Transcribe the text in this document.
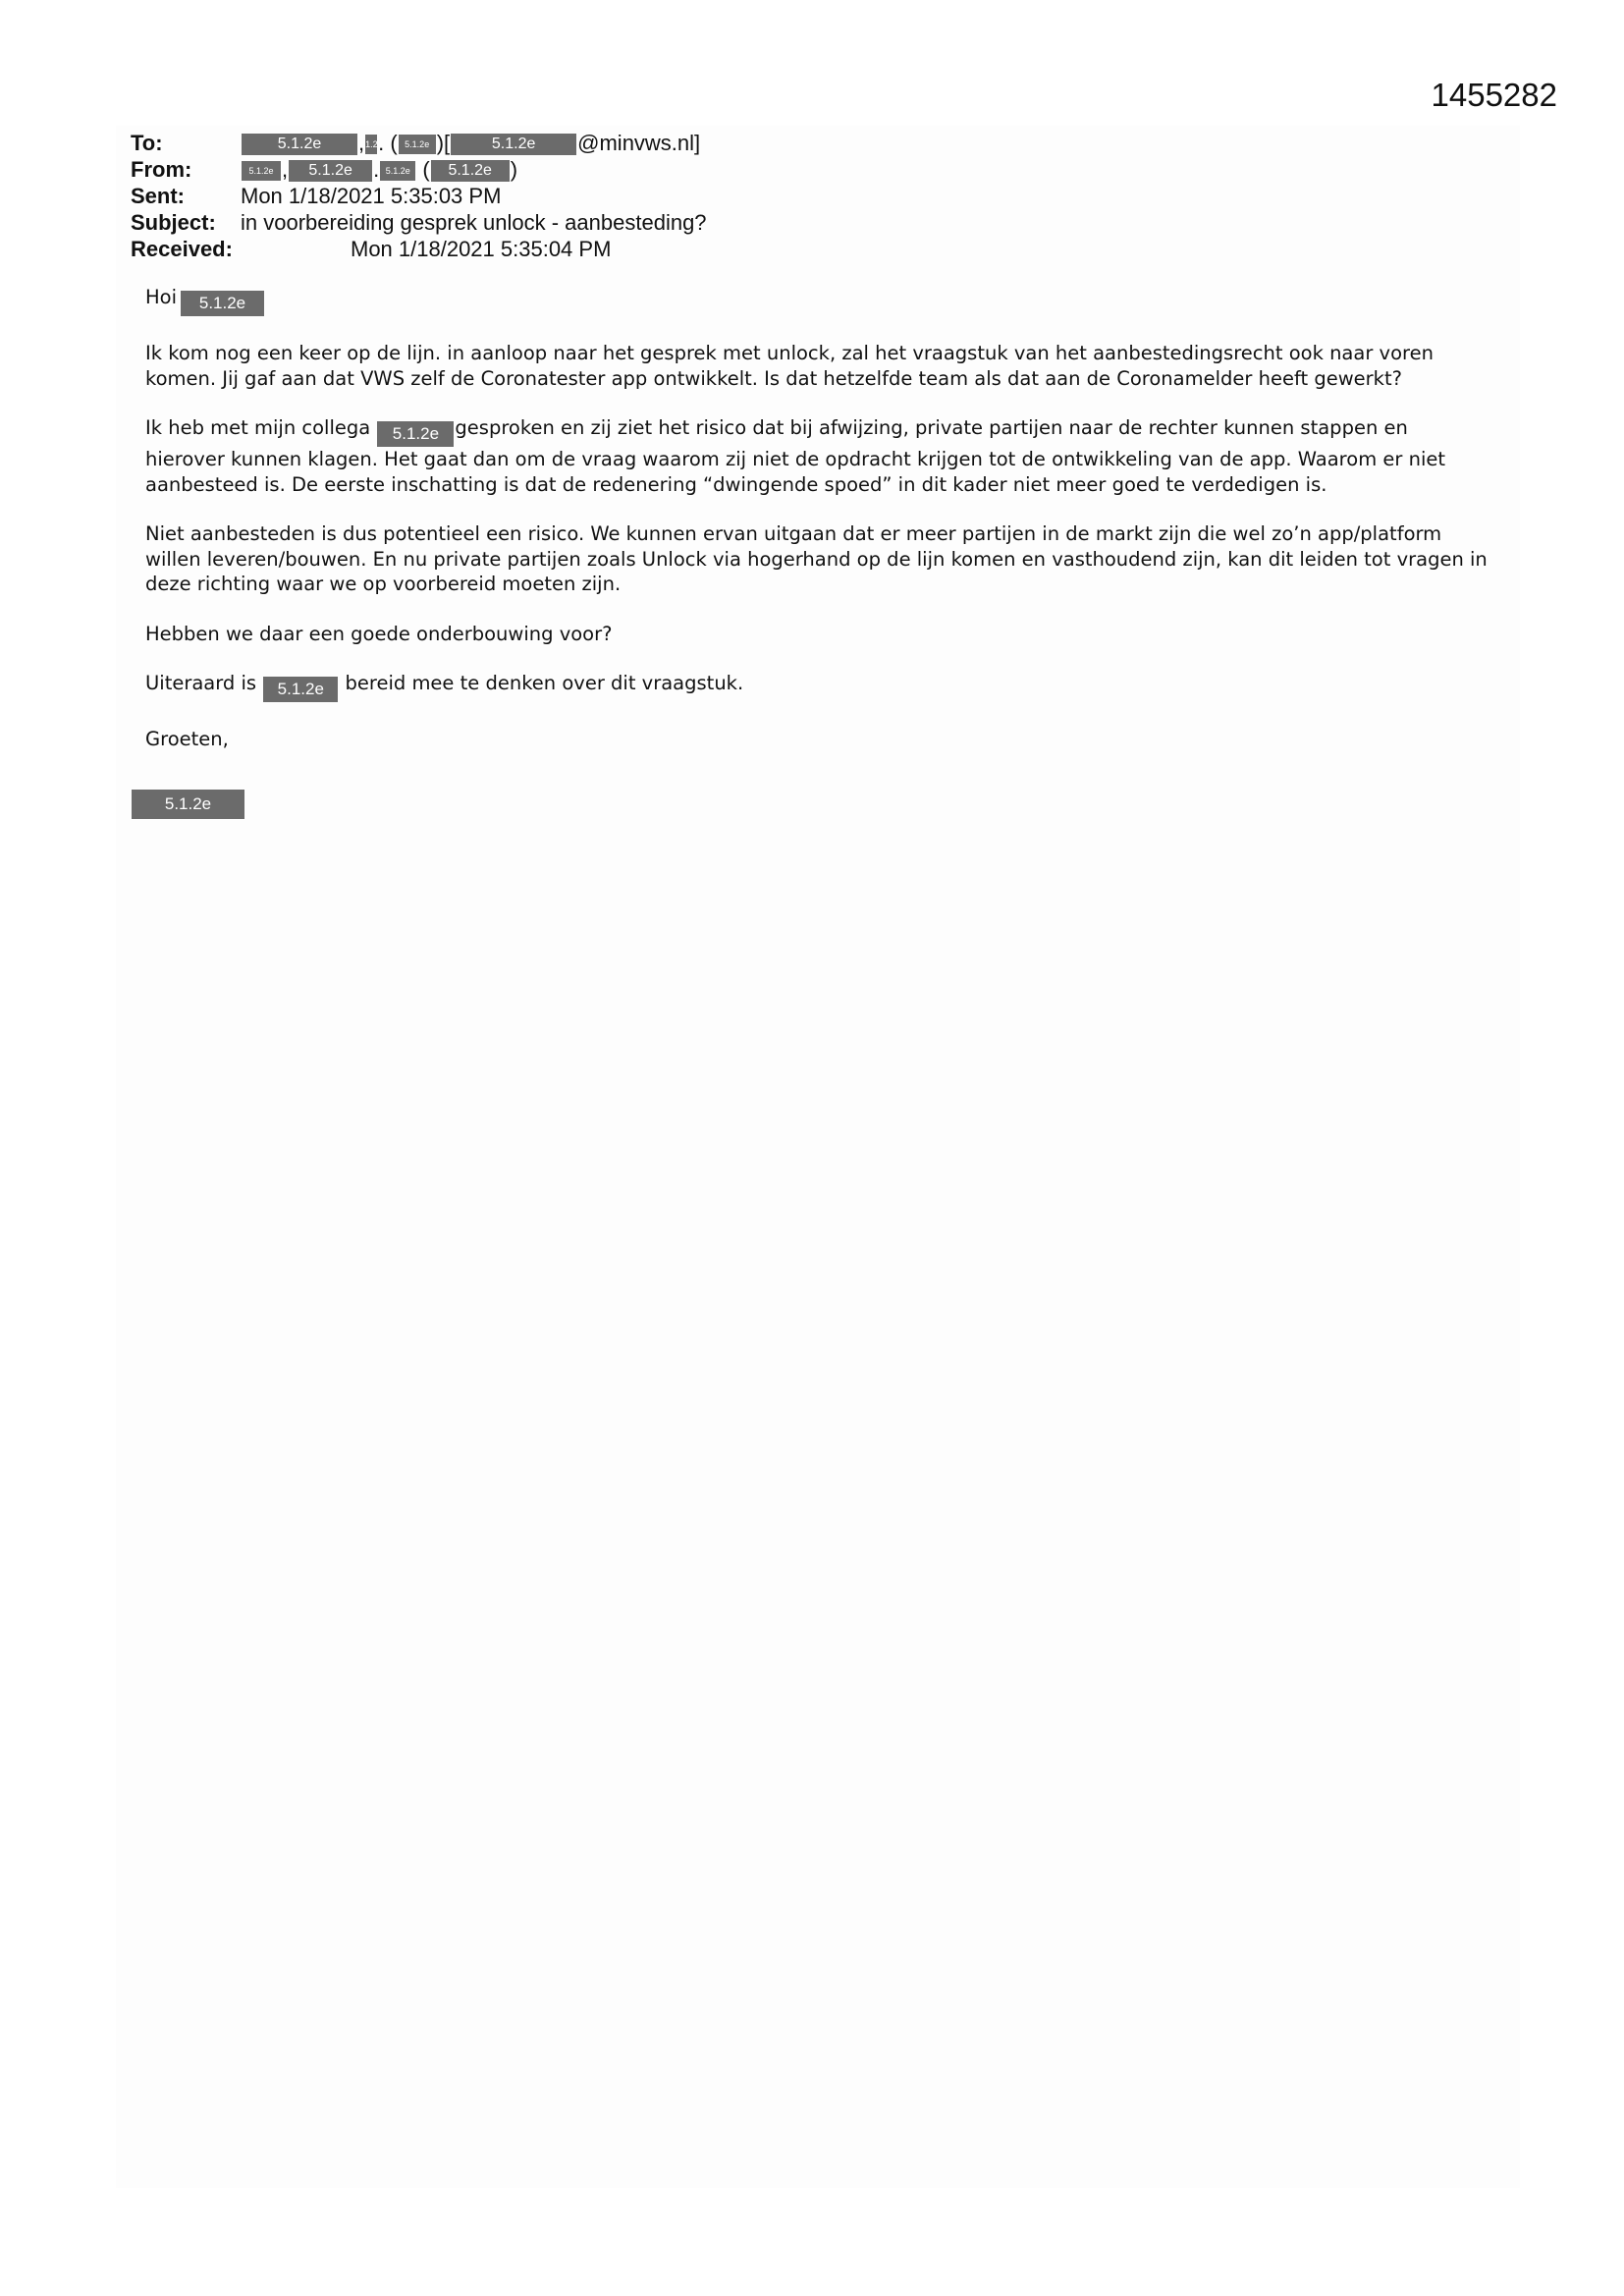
1455282
To:	5.1.2e ,1.2. ( 5.1.2e )[	5.1.2e @minvws.nl]
From:	5.1.2e , 5.1.2e . 5.1.2e ( 5.1.2e )
Sent:	Mon 1/18/2021 5:35:03 PM
Subject: in voorbereiding gesprek unlock - aanbesteding?
Received:	Mon 1/18/2021 5:35:04 PM

Hoi 5.1.2e

Ik kom nog een keer op de lijn. in aanloop naar het gesprek met unlock, zal het vraagstuk van het aanbestedingsrecht ook naar voren komen. Jij gaf aan dat VWS zelf de Coronatester app ontwikkelt. Is dat hetzelfde team als dat aan de Coronamelder heeft gewerkt?

Ik heb met mijn collega 5.1.2e gesproken en zij ziet het risico dat bij afwijzing, private partijen naar de rechter kunnen stappen en hierover kunnen klagen. Het gaat dan om de vraag waarom zij niet de opdracht krijgen tot de ontwikkeling van de app. Waarom er niet aanbesteed is. De eerste inschatting is dat de redenering “dwingende spoed” in dit kader niet meer goed te verdedigen is.

Niet aanbesteden is dus potentieel een risico. We kunnen ervan uitgaan dat er meer partijen in de markt zijn die wel zo’n app/platform willen leveren/bouwen. En nu private partijen zoals Unlock via hogerhand op de lijn komen en vasthoudend zijn, kan dit leiden tot vragen in deze richting waar we op voorbereid moeten zijn.

Hebben we daar een goede onderbouwing voor?

Uiteraard is 5.1.2e bereid mee te denken over dit vraagstuk.

Groeten,

5.1.2e
